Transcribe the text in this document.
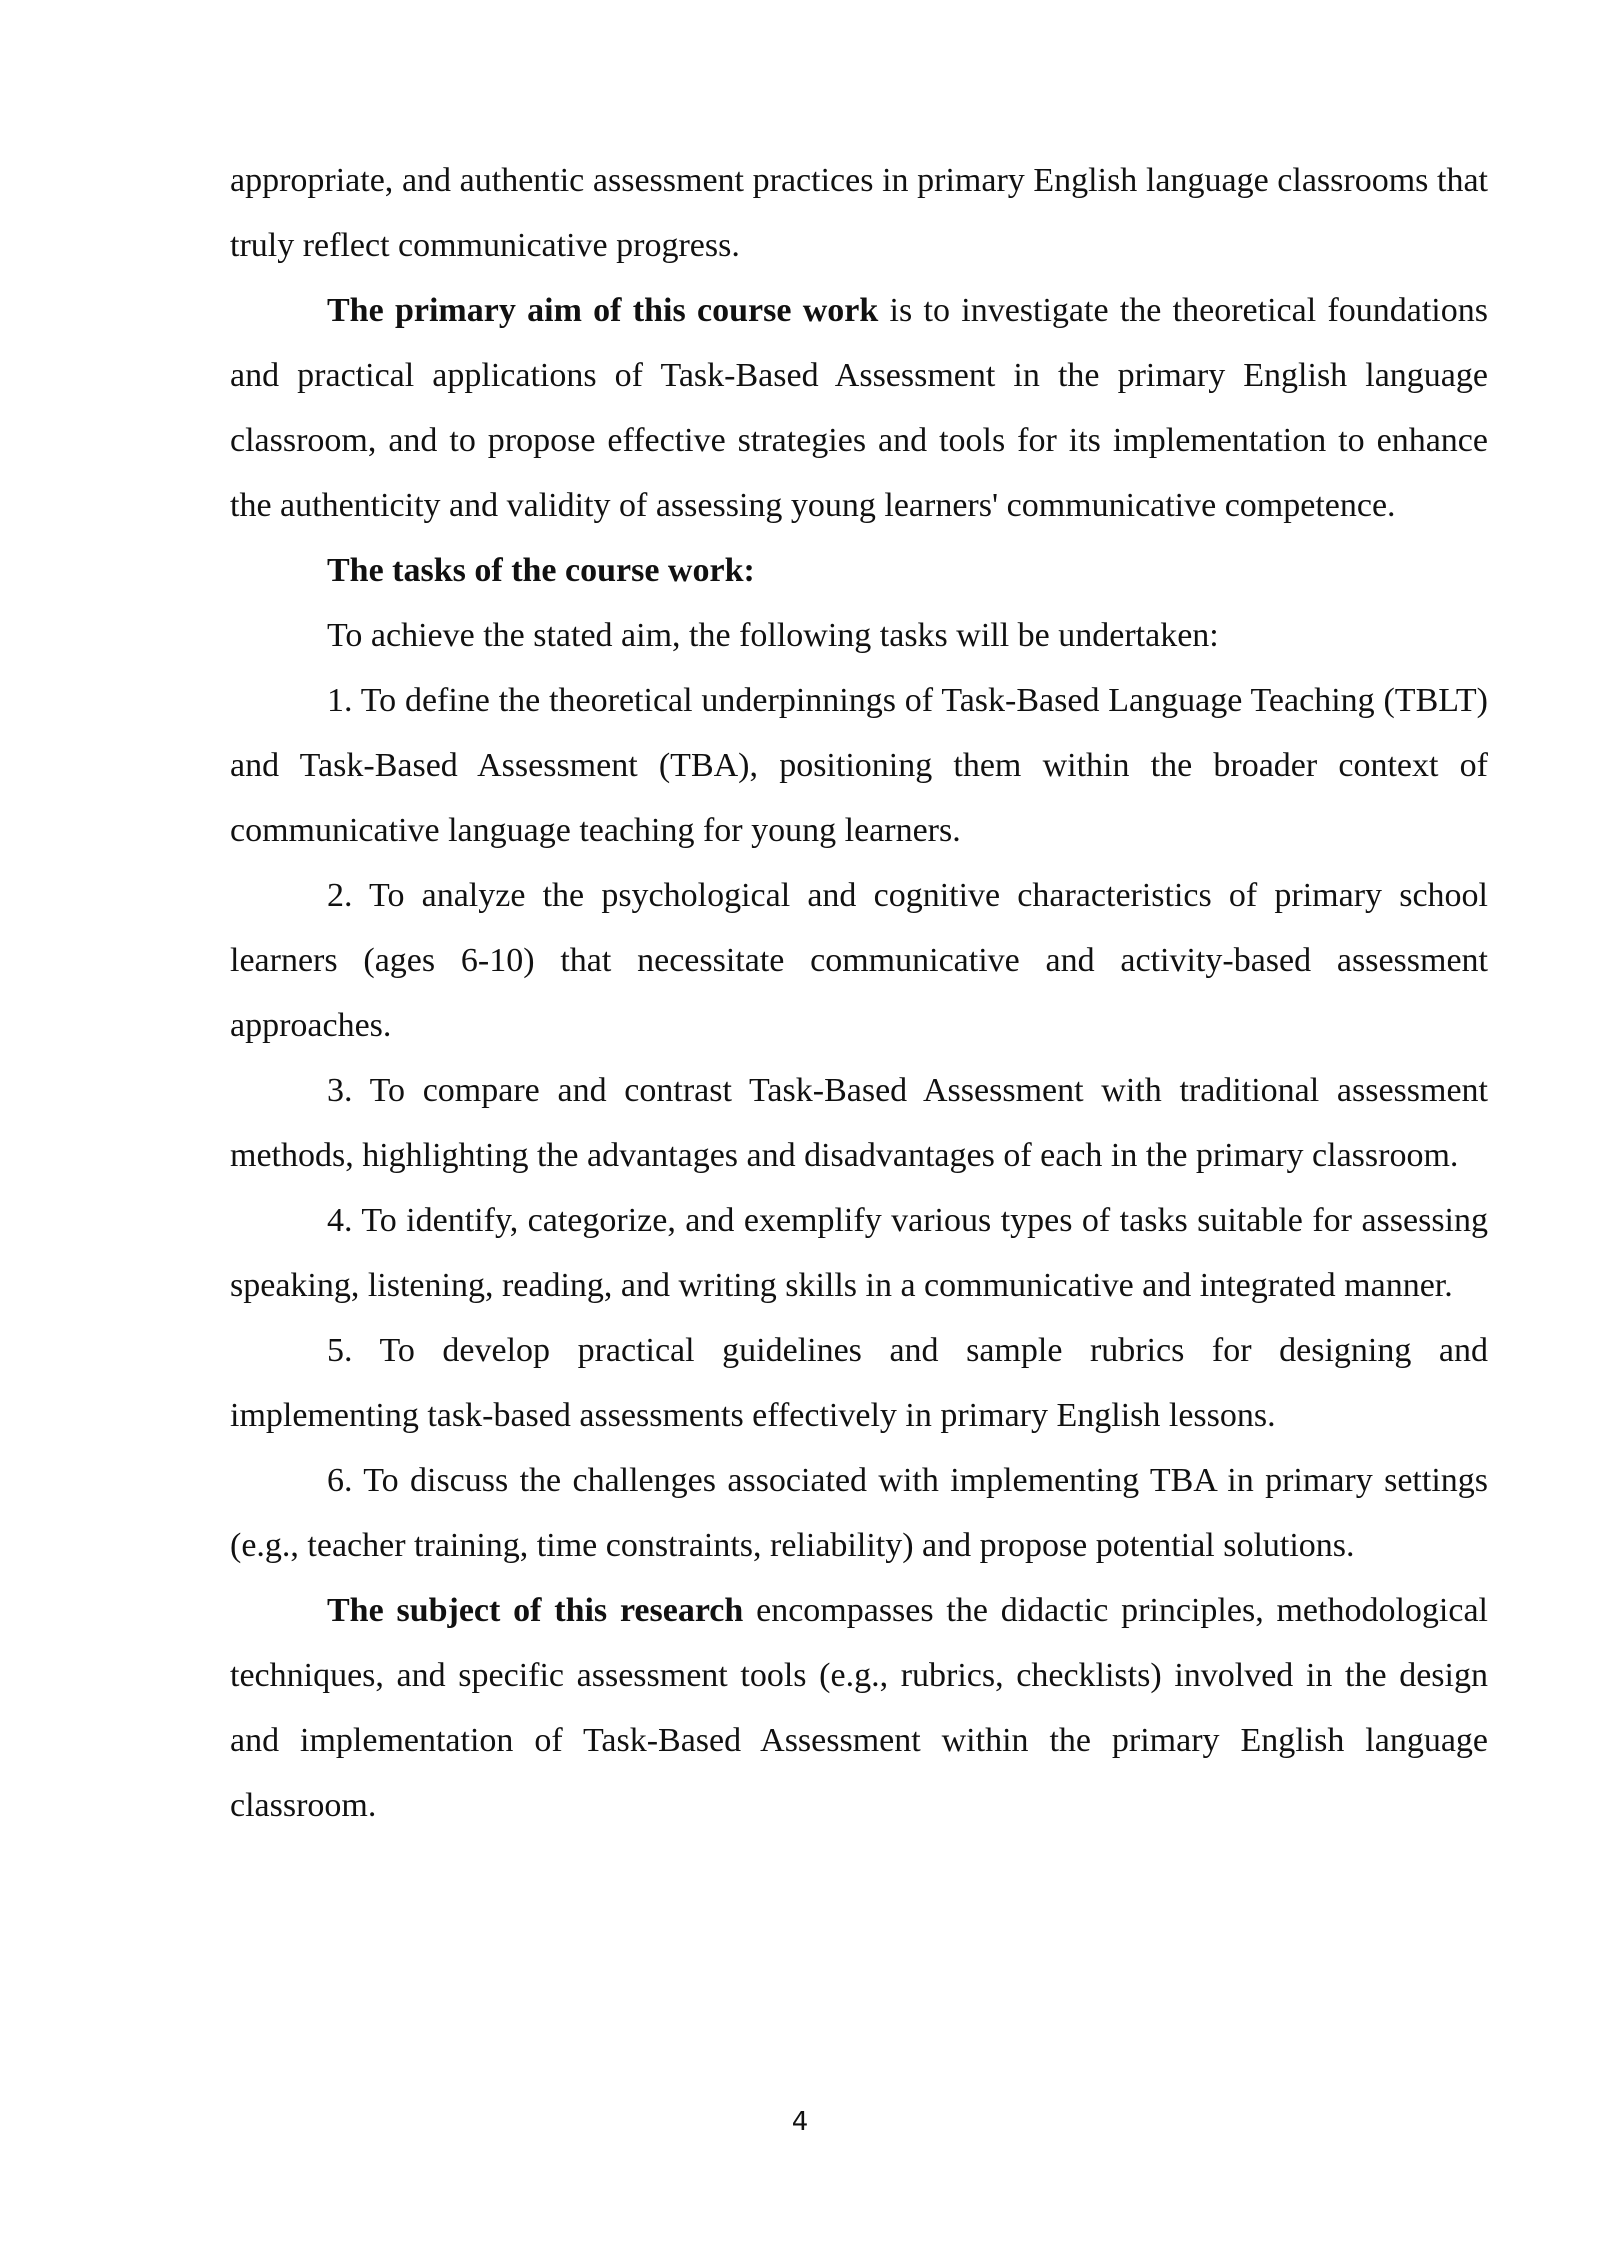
appropriate, and authentic assessment practices in primary English language classrooms that truly reflect communicative progress.

The primary aim of this course work is to investigate the theoretical foundations and practical applications of Task-Based Assessment in the primary English language classroom, and to propose effective strategies and tools for its implementation to enhance the authenticity and validity of assessing young learners' communicative competence.

The tasks of the course work:

To achieve the stated aim, the following tasks will be undertaken:

1. To define the theoretical underpinnings of Task-Based Language Teaching (TBLT) and Task-Based Assessment (TBA), positioning them within the broader context of communicative language teaching for young learners.

2. To analyze the psychological and cognitive characteristics of primary school learners (ages 6-10) that necessitate communicative and activity-based assessment approaches.

3. To compare and contrast Task-Based Assessment with traditional assessment methods, highlighting the advantages and disadvantages of each in the primary classroom.

4. To identify, categorize, and exemplify various types of tasks suitable for assessing speaking, listening, reading, and writing skills in a communicative and integrated manner.

5. To develop practical guidelines and sample rubrics for designing and implementing task-based assessments effectively in primary English lessons.

6. To discuss the challenges associated with implementing TBA in primary settings (e.g., teacher training, time constraints, reliability) and propose potential solutions.

The subject of this research encompasses the didactic principles, methodological techniques, and specific assessment tools (e.g., rubrics, checklists) involved in the design and implementation of Task-Based Assessment within the primary English language classroom.

4
